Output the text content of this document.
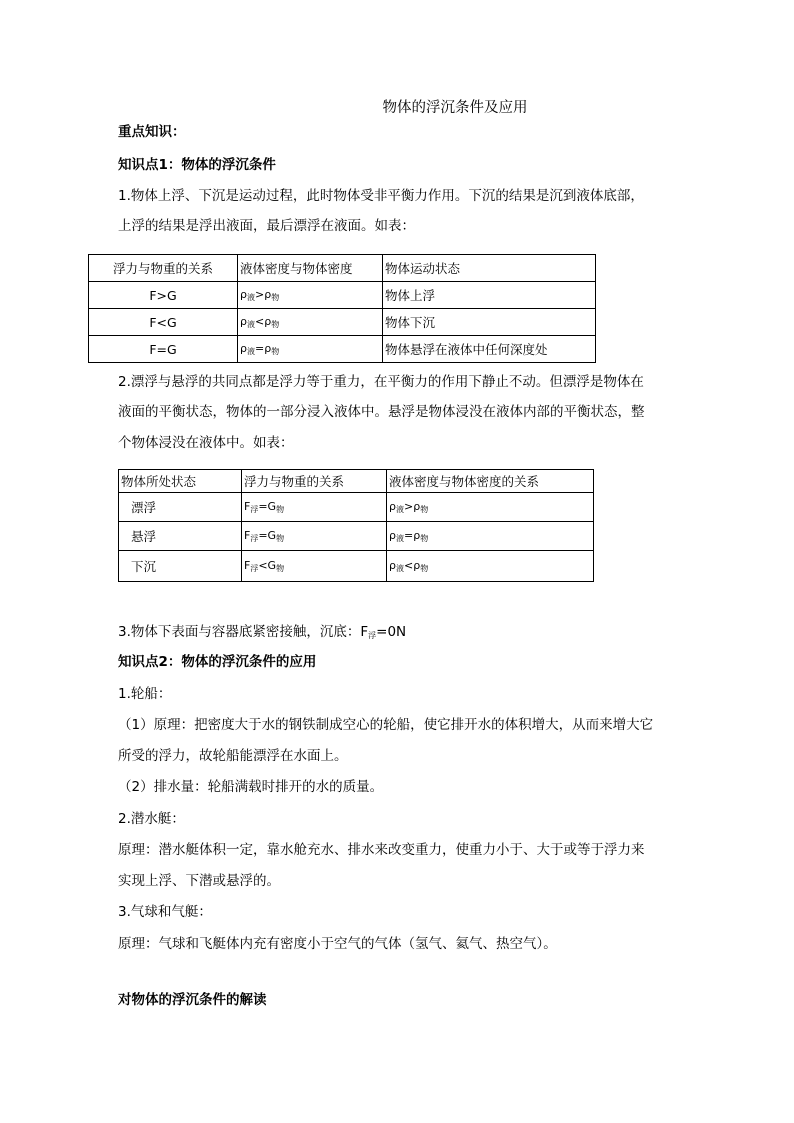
物体的浮沉条件及应用
重点知识：
知识点1：物体的浮沉条件
1.物体上浮、下沉是运动过程，此时物体受非平衡力作用。下沉的结果是沉到液体底部，
上浮的结果是浮出液面，最后漂浮在液面。如表：
浮力与物重的关系	液体密度与物体密度	物体运动状态
F>G	$\rho_液>\rho_物$	物体上浮
F<G	$\rho_液<\rho_物$	物体下沉
F=G	$\rho_液=\rho_物$	物体悬浮在液体中任何深度处
2.漂浮与悬浮的共同点都是浮力等于重力，在平衡力的作用下静止不动。但漂浮是物体在
液面的平衡状态，物体的一部分浸入液体中。悬浮是物体浸没在液体内部的平衡状态，整
个物体浸没在液体中。如表：
物体所处状态	浮力与物重的关系	液体密度与物体密度的关系
漂浮	$F_浮=G_物$	$\rho_液>\rho_物$
悬浮	$F_浮=G_物$	$\rho_液=\rho_物$
下沉	$F_浮<G_物$	$\rho_液<\rho_物$
3.物体下表面与容器底紧密接触，沉底：$F_浮=0N$
知识点2：物体的浮沉条件的应用
1.轮船：
（1）原理：把密度大于水的钢铁制成空心的轮船，使它排开水的体积增大，从而来增大它
所受的浮力，故轮船能漂浮在水面上。
（2）排水量：轮船满载时排开的水的质量。
2.潜水艇：
原理：潜水艇体积一定，靠水舱充水、排水来改变重力，使重力小于、大于或等于浮力来
实现上浮、下潜或悬浮的。
3.气球和气艇：
原理：气球和飞艇体内充有密度小于空气的气体（氢气、氦气、热空气）。
对物体的浮沉条件的解读
